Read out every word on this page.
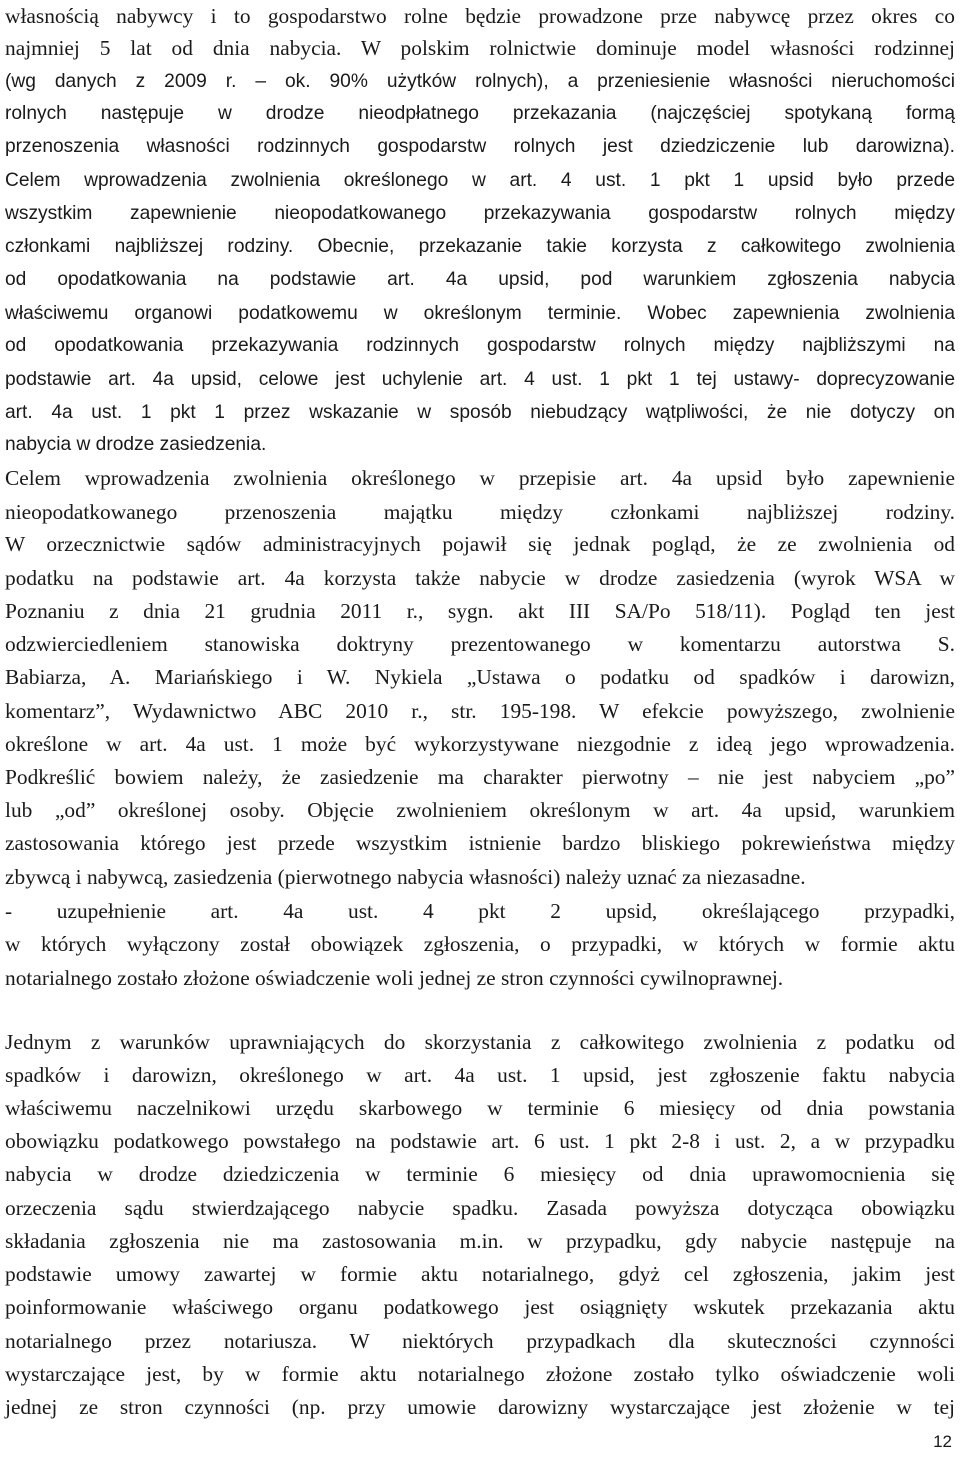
własnością nabywcy i to gospodarstwo rolne będzie prowadzone prze nabywcę przez okres co
najmniej 5 lat od dnia nabycia. W polskim rolnictwie dominuje model własności rodzinnej
(wg danych z 2009 r. – ok. 90% użytków rolnych), a przeniesienie własności nieruchomości
rolnych następuje w drodze nieodpłatnego przekazania (najczęściej spotykaną formą
przenoszenia własności rodzinnych gospodarstw rolnych jest dziedziczenie lub darowizna).
Celem wprowadzenia zwolnienia określonego w art. 4 ust. 1 pkt 1 upsid było przede
wszystkim zapewnienie nieopodatkowanego przekazywania gospodarstw rolnych między
członkami najbliższej rodziny. Obecnie, przekazanie takie korzysta z całkowitego zwolnienia
od opodatkowania na podstawie art. 4a upsid, pod warunkiem zgłoszenia nabycia
właściwemu organowi podatkowemu w określonym terminie. Wobec zapewnienia zwolnienia
od opodatkowania przekazywania rodzinnych gospodarstw rolnych między najbliższymi na
podstawie art. 4a upsid, celowe jest uchylenie art. 4 ust. 1 pkt 1 tej ustawy- doprecyzowanie
art. 4a ust. 1 pkt 1 przez wskazanie w sposób niebudzący wątpliwości, że nie dotyczy on
nabycia w drodze zasiedzenia.
Celem wprowadzenia zwolnienia określonego w przepisie art. 4a upsid było zapewnienie
nieopodatkowanego przenoszenia majątku między członkami najbliższej rodziny.
W orzecznictwie sądów administracyjnych pojawił się jednak pogląd, że ze zwolnienia od
podatku na podstawie art. 4a korzysta także nabycie w drodze zasiedzenia (wyrok WSA w
Poznaniu z dnia 21 grudnia 2011 r., sygn. akt III SA/Po 518/11). Pogląd ten jest
odzwierciedleniem stanowiska doktryny prezentowanego w komentarzu autorstwa S.
Babiarza, A. Mariańskiego i W. Nykiela „Ustawa o podatku od spadków i darowizn,
komentarz”, Wydawnictwo ABC 2010 r., str. 195-198. W efekcie powyższego, zwolnienie
określone w art. 4a ust. 1 może być wykorzystywane niezgodnie z ideą jego wprowadzenia.
Podkreślić bowiem należy, że zasiedzenie ma charakter pierwotny – nie jest nabyciem „po”
lub „od” określonej osoby. Objęcie zwolnieniem określonym w art. 4a upsid, warunkiem
zastosowania którego jest przede wszystkim istnienie bardzo bliskiego pokrewieństwa między
zbywcą i nabywcą, zasiedzenia (pierwotnego nabycia własności) należy uznać za niezasadne.
- uzupełnienie art. 4a ust. 4 pkt 2 upsid, określającego przypadki,
w których wyłączony został obowiązek zgłoszenia, o przypadki, w których w formie aktu
notarialnego zostało złożone oświadczenie woli jednej ze stron czynności cywilnoprawnej.
Jednym z warunków uprawniających do skorzystania z całkowitego zwolnienia z podatku od
spadków i darowizn, określonego w art. 4a ust. 1 upsid, jest zgłoszenie faktu nabycia
właściwemu naczelnikowi urzędu skarbowego w terminie 6 miesięcy od dnia powstania
obowiązku podatkowego powstałego na podstawie art. 6 ust. 1 pkt 2-8 i ust. 2, a w przypadku
nabycia w drodze dziedziczenia w terminie 6 miesięcy od dnia uprawomocnienia się
orzeczenia sądu stwierdzającego nabycie spadku. Zasada powyższa dotycząca obowiązku
składania zgłoszenia nie ma zastosowania m.in. w przypadku, gdy nabycie następuje na
podstawie umowy zawartej w formie aktu notarialnego, gdyż cel zgłoszenia, jakim jest
poinformowanie właściwego organu podatkowego jest osiągnięty wskutek przekazania aktu
notarialnego przez notariusza. W niektórych przypadkach dla skuteczności czynności
wystarczające jest, by w formie aktu notarialnego złożone zostało tylko oświadczenie woli
jednej ze stron czynności (np. przy umowie darowizny wystarczające jest złożenie w tej
12
